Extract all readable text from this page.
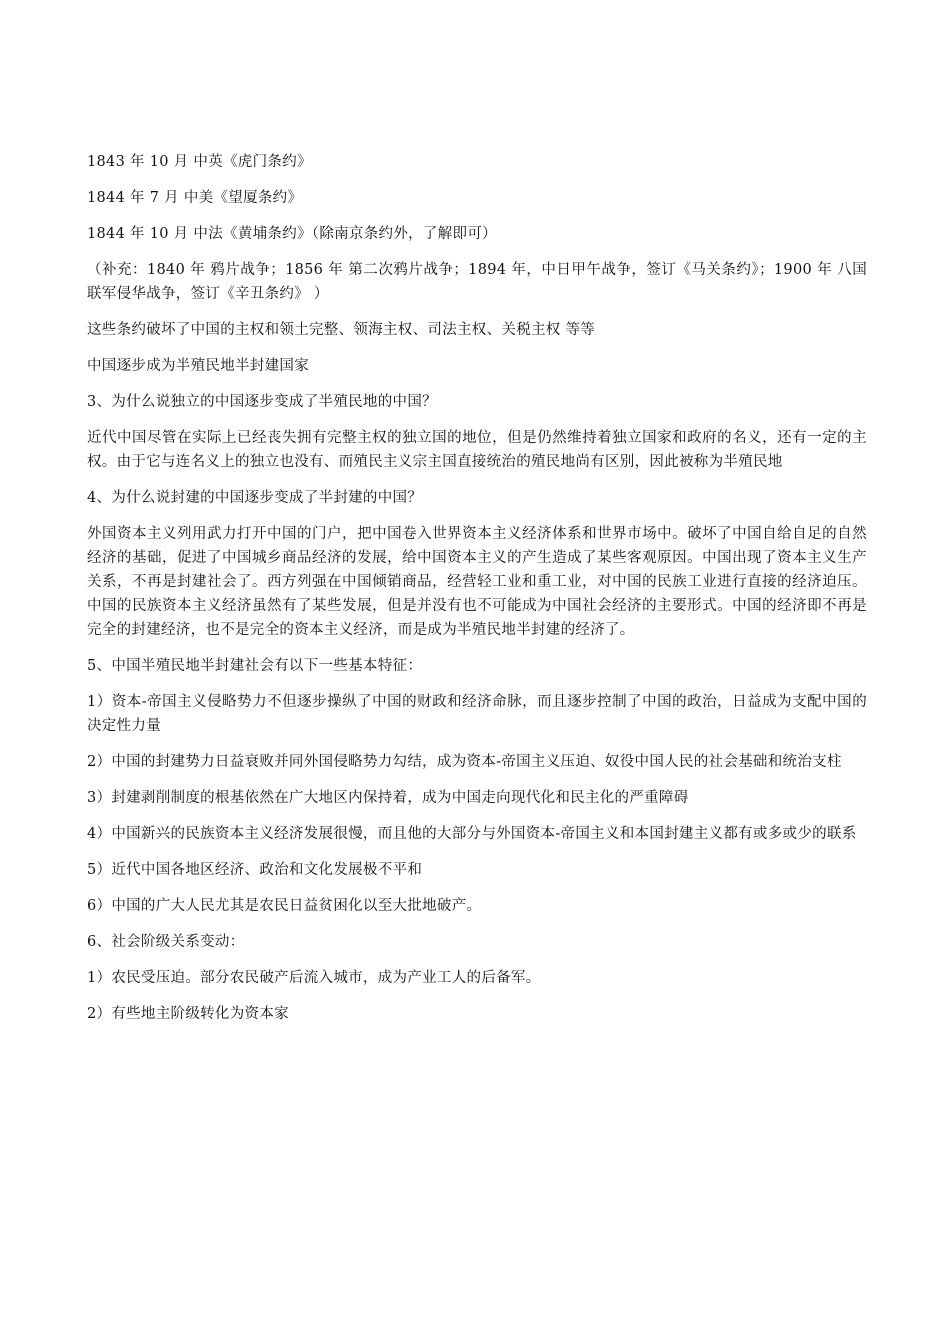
1843 年 10 月 中英《虎门条约》

1844 年 7 月 中美《望厦条约》

1844 年 10 月 中法《黄埔条约》（除南京条约外，了解即可）

（补充：1840 年 鸦片战争；1856 年 第二次鸦片战争；1894 年，中日甲午战争，签订《马关条约》；1900 年 八国联军侵华战争，签订《辛丑条约》 ）

这些条约破坏了中国的主权和领土完整、领海主权、司法主权、关税主权 等等

中国逐步成为半殖民地半封建国家

3、为什么说独立的中国逐步变成了半殖民地的中国？

近代中国尽管在实际上已经丧失拥有完整主权的独立国的地位，但是仍然维持着独立国家和政府的名义，还有一定的主权。由于它与连名义上的独立也没有、而殖民主义宗主国直接统治的殖民地尚有区别，因此被称为半殖民地

4、为什么说封建的中国逐步变成了半封建的中国？

外国资本主义列用武力打开中国的门户，把中国卷入世界资本主义经济体系和世界市场中。破坏了中国自给自足的自然经济的基础，促进了中国城乡商品经济的发展，给中国资本主义的产生造成了某些客观原因。中国出现了资本主义生产关系，不再是封建社会了。西方列强在中国倾销商品，经营轻工业和重工业，对中国的民族工业进行直接的经济迫压。中国的民族资本主义经济虽然有了某些发展，但是并没有也不可能成为中国社会经济的主要形式。中国的经济即不再是完全的封建经济，也不是完全的资本主义经济，而是成为半殖民地半封建的经济了。

5、中国半殖民地半封建社会有以下一些基本特征：

1）资本-帝国主义侵略势力不但逐步操纵了中国的财政和经济命脉，而且逐步控制了中国的政治，日益成为支配中国的决定性力量

2）中国的封建势力日益衰败并同外国侵略势力勾结，成为资本-帝国主义压迫、奴役中国人民的社会基础和统治支柱

3）封建剥削制度的根基依然在广大地区内保持着，成为中国走向现代化和民主化的严重障碍

4）中国新兴的民族资本主义经济发展很慢，而且他的大部分与外国资本-帝国主义和本国封建主义都有或多或少的联系

5）近代中国各地区经济、政治和文化发展极不平和

6）中国的广大人民尤其是农民日益贫困化以至大批地破产。

6、社会阶级关系变动：

1）农民受压迫。部分农民破产后流入城市，成为产业工人的后备军。

2）有些地主阶级转化为资本家
